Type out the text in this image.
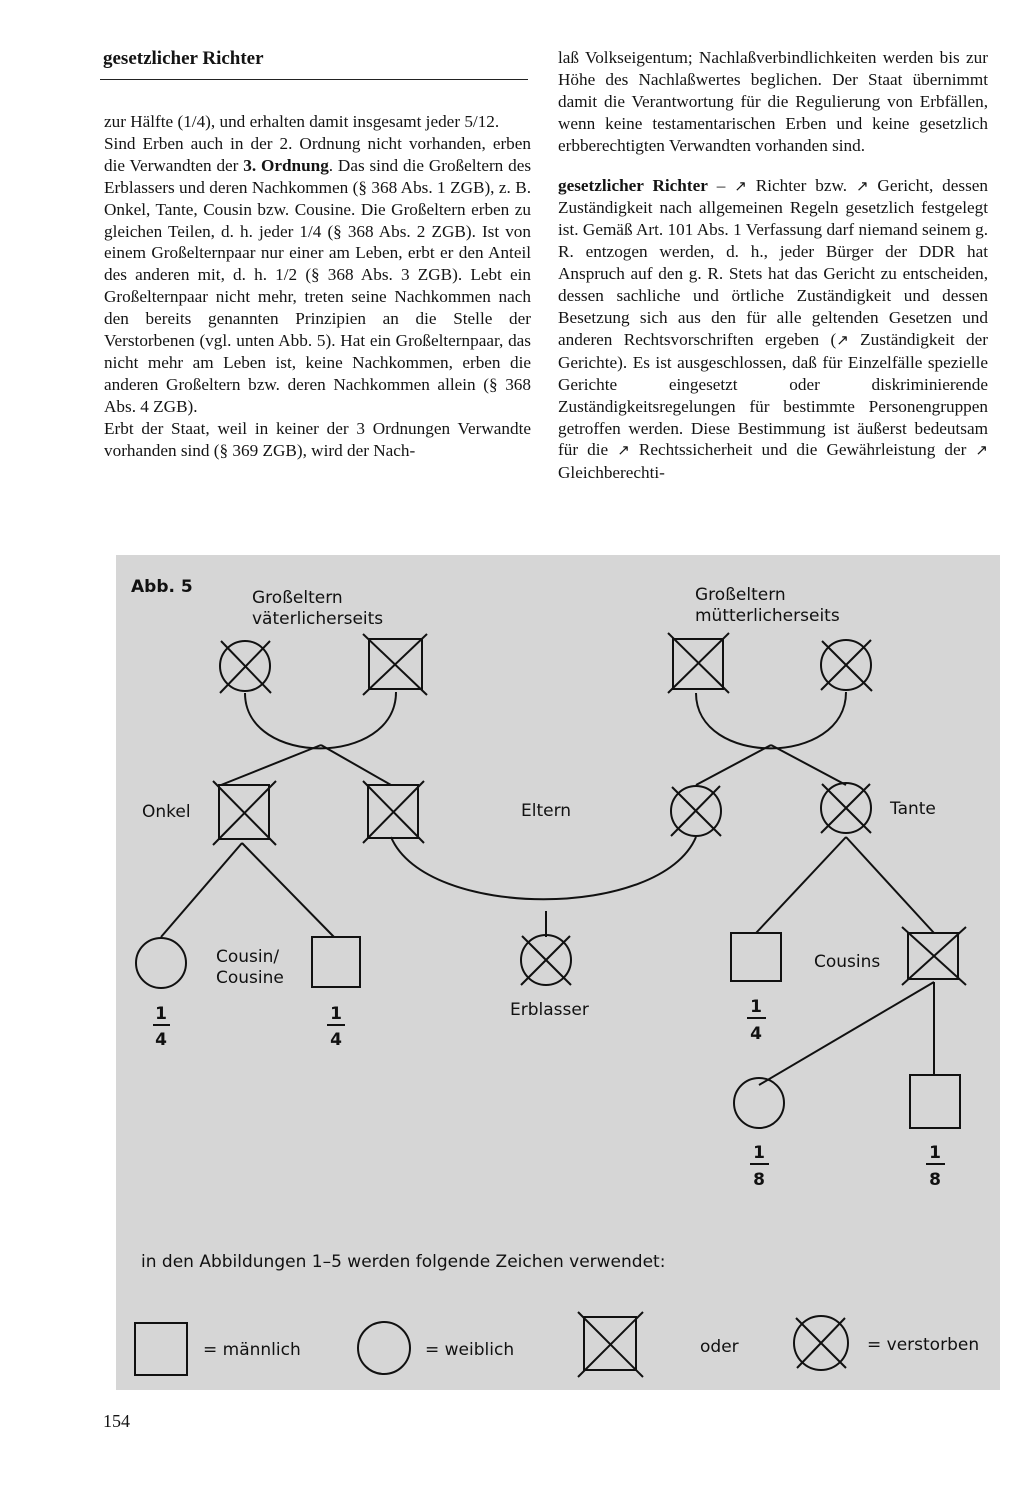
gesetzlicher Richter

zur Hälfte (1/4), und erhalten damit insgesamt jeder 5/12.

Sind Erben auch in der 2. Ordnung nicht vorhanden, erben die Verwandten der 3. Ordnung. Das sind die Großeltern des Erblassers und deren Nachkommen (§ 368 Abs. 1 ZGB), z. B. Onkel, Tante, Cousin bzw. Cousine. Die Großeltern erben zu gleichen Teilen, d. h. jeder 1/4 (§ 368 Abs. 2 ZGB). Ist von einem Großelternpaar nur einer am Leben, erbt er den Anteil des anderen mit, d. h. 1/2 (§ 368 Abs. 3 ZGB). Lebt ein Großelternpaar nicht mehr, treten seine Nachkommen nach den bereits genannten Prinzipien an die Stelle der Verstorbenen (vgl. unten Abb. 5). Hat ein Großelternpaar, das nicht mehr am Leben ist, keine Nachkommen, erben die anderen Großeltern bzw. deren Nachkommen allein (§ 368 Abs. 4 ZGB).

Erbt der Staat, weil in keiner der 3 Ordnungen Verwandte vorhanden sind (§ 369 ZGB), wird der Nach-

laß Volkseigentum; Nachlaßverbindlichkeiten werden bis zur Höhe des Nachlaßwertes beglichen. Der Staat übernimmt damit die Verantwortung für die Regulierung von Erbfällen, wenn keine testamentarischen Erben und keine gesetzlich erbberechtigten Verwandten vorhanden sind.

gesetzlicher Richter – ↗ Richter bzw. ↗ Gericht, dessen Zuständigkeit nach allgemeinen Regeln gesetzlich festgelegt ist. Gemäß Art. 101 Abs. 1 Verfassung darf niemand seinem g. R. entzogen werden, d. h., jeder Bürger der DDR hat Anspruch auf den g. R. Stets hat das Gericht zu entscheiden, dessen sachliche und örtliche Zuständigkeit und dessen Besetzung sich aus den für alle geltenden Gesetzen und anderen Rechtsvorschriften ergeben (↗ Zuständigkeit der Gerichte). Es ist ausgeschlossen, daß für Einzelfälle spezielle Gerichte eingesetzt oder diskriminierende Zuständigkeitsregelungen für bestimmte Personengruppen getroffen werden. Diese Bestimmung ist äußerst bedeutsam für die ↗ Rechtssicherheit und die Gewährleistung der ↗ Gleichberechti-

Abb. 5
Großeltern
väterlicherseits
Großeltern
mütterlicherseits
Onkel	Eltern	Tante
Cousin/
Cousine
Cousins
Erblasser
1
4
1
4
1
4
1
8
1
8
in den Abbildungen 1–5 werden folgende Zeichen verwendet:
= männlich	= weiblich	oder	= verstorben
154
